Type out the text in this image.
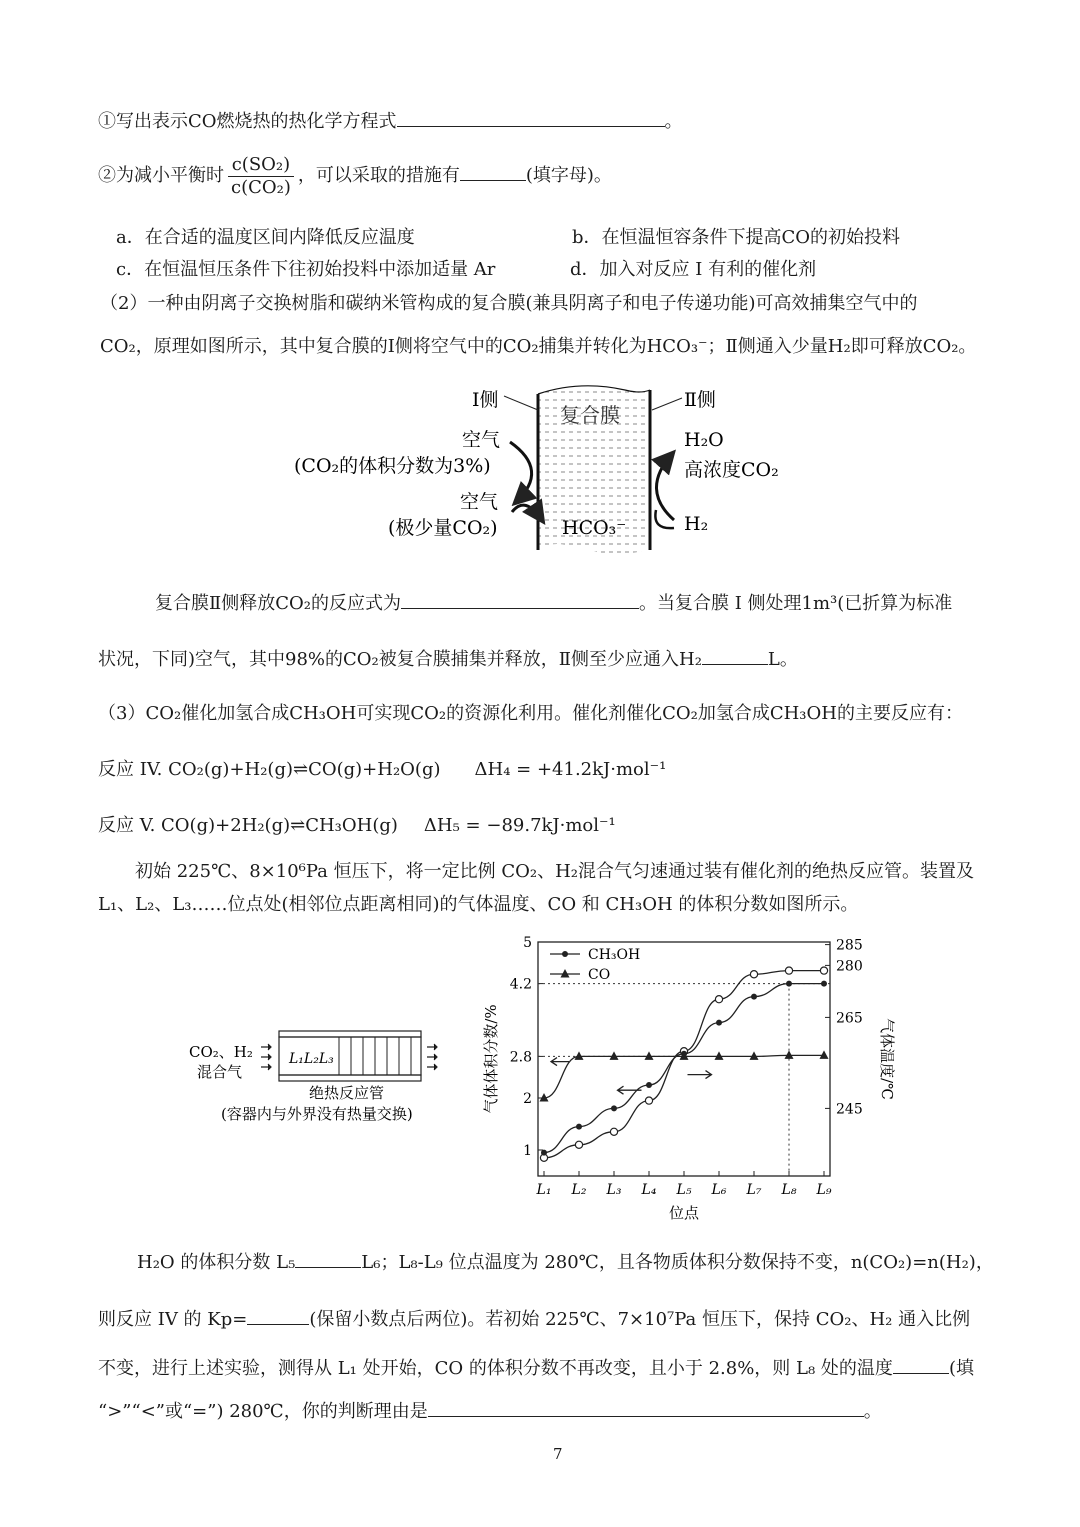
①写出表示CO燃烧热的热化学方程式	。
②为减小平衡时 $\frac{\text{c(SO₂)}}{\text{c(CO₂)}}$ ，可以采取的措施有	(填字母)。
a．在合适的温度区间内降低反应温度	b．在恒温恒容条件下提高CO的初始投料
c．在恒温恒压条件下往初始投料中添加适量 Ar	d．加入对反应 I 有利的催化剂
（2）一种由阴离子交换树脂和碳纳米管构成的复合膜(兼具阴离子和电子传递功能)可高效捕集空气中的
CO₂，原理如图所示，其中复合膜的Ⅰ侧将空气中的CO₂捕集并转化为HCO₃⁻；Ⅱ侧通入少量H₂即可释放CO₂。
复合膜
Ⅰ侧	Ⅱ侧
空气
(CO₂的体积分数为3%)
空气
(极少量CO₂)	HCO₃⁻
H₂O
高浓度CO₂
H₂
复合膜Ⅱ侧释放CO₂的反应式为	。当复合膜 I 侧处理1m³(已折算为标准
状况，下同)空气，其中98%的CO₂被复合膜捕集并释放，Ⅱ侧至少应通入H₂	L。
（3）CO₂催化加氢合成CH₃OH可实现CO₂的资源化利用。催化剂催化CO₂加氢合成CH₃OH的主要反应有：
反应 IV. CO₂(g)+H₂(g)⇌CO(g)+H₂O(g) ΔH₄ = +41.2kJ·mol⁻¹
反应 V. CO(g)+2H₂(g)⇌CH₃OH(g) ΔH₅ = −89.7kJ·mol⁻¹
初始 225℃、8×10⁶Pa 恒压下，将一定比例 CO₂、H₂混合气匀速通过装有催化剂的绝热反应管。装置及
L₁、L₂、L₃……位点处(相邻位点距离相同)的气体温度、CO 和 CH₃OH 的体积分数如图所示。
CO₂、H₂
混合气
L₁L₂L₃
绝热反应管
(容器内与外界没有热量交换)
1
2
2.8
4.2
5
245
265
280
285
L₁ L₂ L₃ L₄ L₅ L₆ L₇ L₈ L₉
位点
气体体积分数/%	气体温度/℃
CH₃OH
CO
H₂O 的体积分数 L₅	L₆；L₈-L₉ 位点温度为 280℃，且各物质体积分数保持不变，n(CO₂)=n(H₂)，
则反应 IV 的 Kp=	(保留小数点后两位)。若初始 225℃、7×10⁷Pa 恒压下，保持 CO₂、H₂ 通入比例
不变，进行上述实验，测得从 L₁ 处开始，CO 的体积分数不再改变，且小于 2.8%，则 L₈ 处的温度	(填
“>”“<”或“=”) 280℃，你的判断理由是	。
7
